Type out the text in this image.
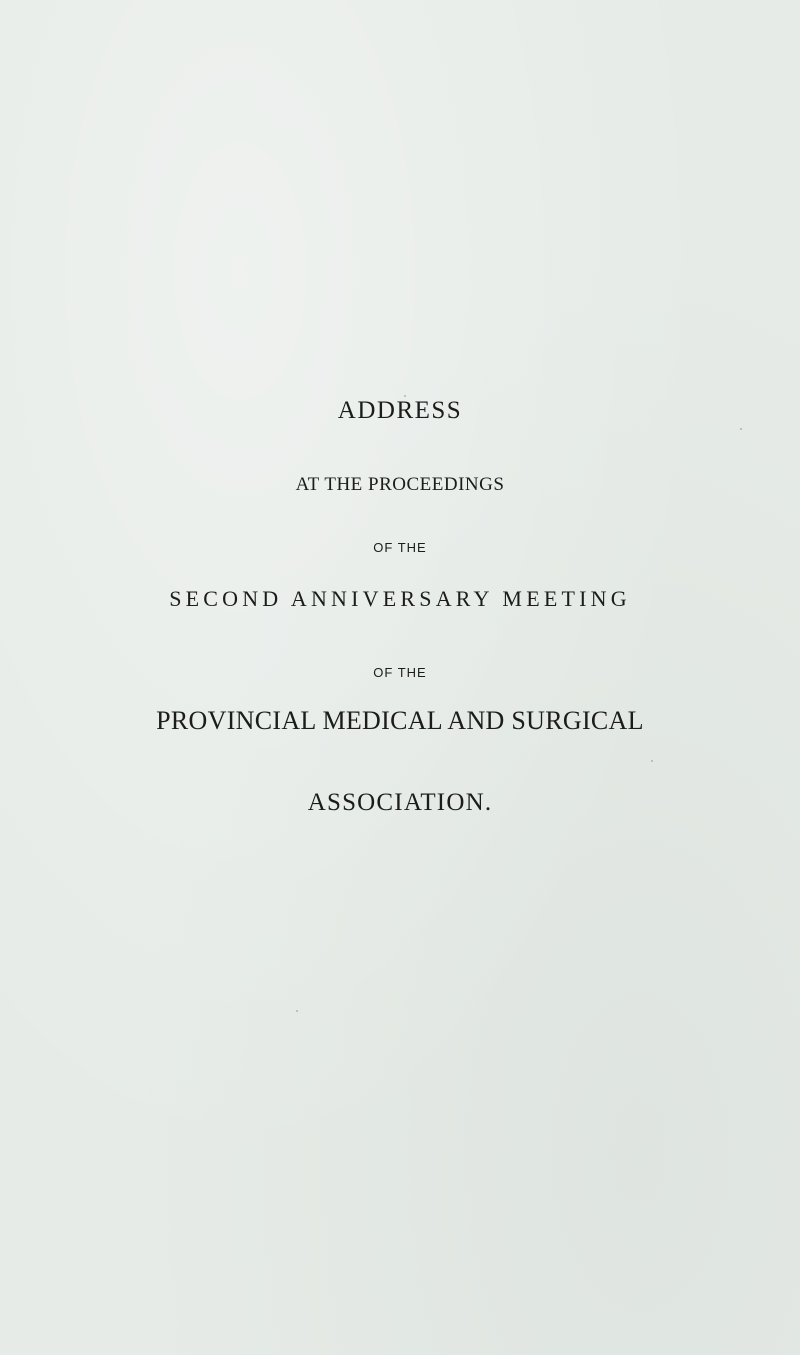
ADDRESS

AT THE PROCEEDINGS

OF THE

SECOND ANNIVERSARY MEETING

OF THE

PROVINCIAL MEDICAL AND SURGICAL

ASSOCIATION.
